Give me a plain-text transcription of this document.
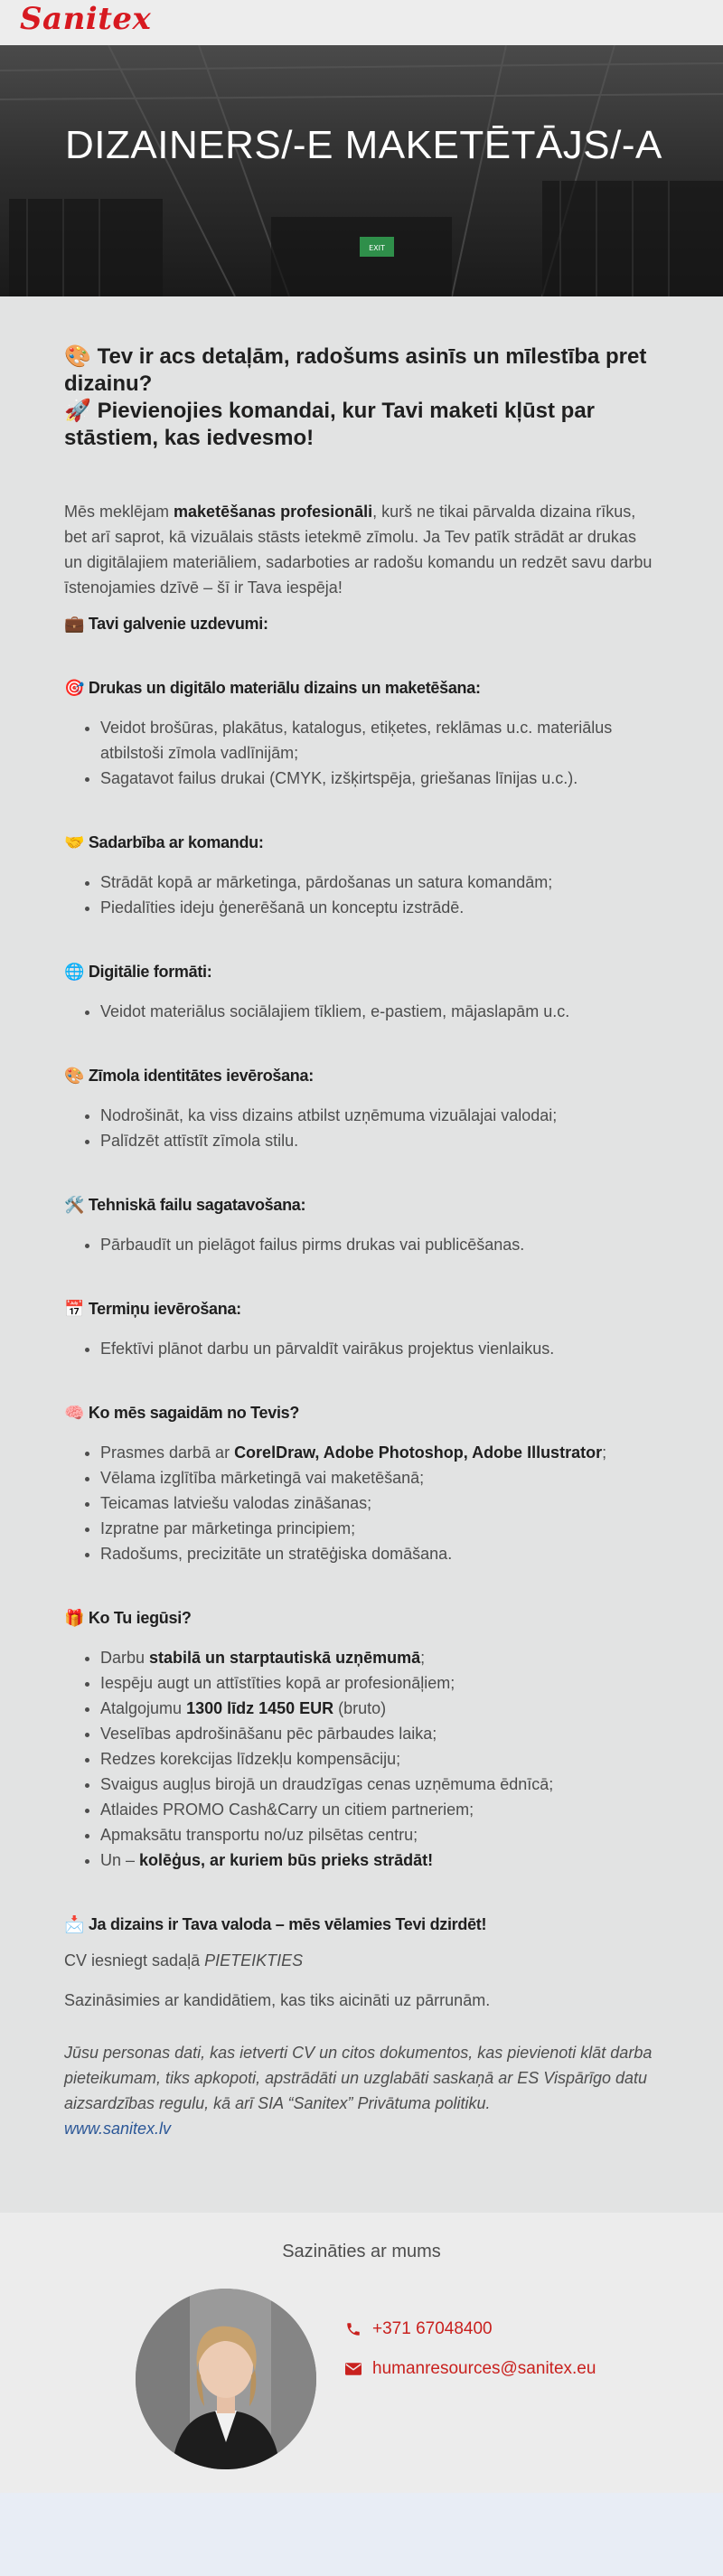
Sanitex
EXIT
DIZAINERS/-E MAKETĒTĀJS/-A
🎨 Tev ir acs detaļām, radošums asinīs un mīlestība pret dizainu?
🚀 Pievienojies komandai, kur Tavi maketi kļūst par stāstiem, kas iedvesmo!

Mēs meklējam maketēšanas profesionāli, kurš ne tikai pārvalda dizaina rīkus, bet arī saprot, kā vizuālais stāsts ietekmē zīmolu. Ja Tev patīk strādāt ar drukas un digitālajiem materiāliem, sadarboties ar radošu komandu un redzēt savu darbu īstenojamies dzīvē – šī ir Tava iespēja!

💼 Tavi galvenie uzdevumi:
🎯 Drukas un digitālo materiālu dizains un maketēšana:
• Veidot brošūras, plakātus, katalogus, etiķetes, reklāmas u.c. materiālus atbilstoši zīmola vadlīnijām;
• Sagatavot failus drukai (CMYK, izšķirtspēja, griešanas līnijas u.c.).
🤝 Sadarbība ar komandu:
• Strādāt kopā ar mārketinga, pārdošanas un satura komandām;
• Piedalīties ideju ģenerēšanā un konceptu izstrādē.
🌐 Digitālie formāti:
• Veidot materiālus sociālajiem tīkliem, e-pastiem, mājaslapām u.c.
🎨 Zīmola identitātes ievērošana:
• Nodrošināt, ka viss dizains atbilst uzņēmuma vizuālajai valodai;
• Palīdzēt attīstīt zīmola stilu.
🛠️ Tehniskā failu sagatavošana:
• Pārbaudīt un pielāgot failus pirms drukas vai publicēšanas.
📅 Termiņu ievērošana:
• Efektīvi plānot darbu un pārvaldīt vairākus projektus vienlaikus.
🧠 Ko mēs sagaidām no Tevis?
• Prasmes darbā ar CorelDraw, Adobe Photoshop, Adobe Illustrator;
• Vēlama izglītība mārketingā vai maketēšanā;
• Teicamas latviešu valodas zināšanas;
• Izpratne par mārketinga principiem;
• Radošums, precizitāte un stratēģiska domāšana.
🎁 Ko Tu iegūsi?
• Darbu stabilā un starptautiskā uzņēmumā;
• Iespēju augt un attīstīties kopā ar profesionāļiem;
• Atalgojumu 1300 līdz 1450 EUR (bruto)
• Veselības apdrošināšanu pēc pārbaudes laika;
• Redzes korekcijas līdzekļu kompensāciju;
• Svaigus augļus birojā un draudzīgas cenas uzņēmuma ēdnīcā;
• Atlaides PROMO Cash&Carry un citiem partneriem;
• Apmaksātu transportu no/uz pilsētas centru;
• Un – kolēģus, ar kuriem būs prieks strādāt!
📩 Ja dizains ir Tava valoda – mēs vēlamies Tevi dzirdēt!

CV iesniegt sadaļā PIETEIKTIES

Sazināsimies ar kandidātiem, kas tiks aicināti uz pārrunām.

Jūsu personas dati, kas ietverti CV un citos dokumentos, kas pievienoti klāt darba pieteikumam, tiks apkopoti, apstrādāti un uzglabāti saskaņā ar ES Vispārīgo datu aizsardzības regulu, kā arī SIA “Sanitex” Privātuma politiku.
www.sanitex.lv

Sazināties ar mums
+371 67048400
humanresources@sanitex.eu
